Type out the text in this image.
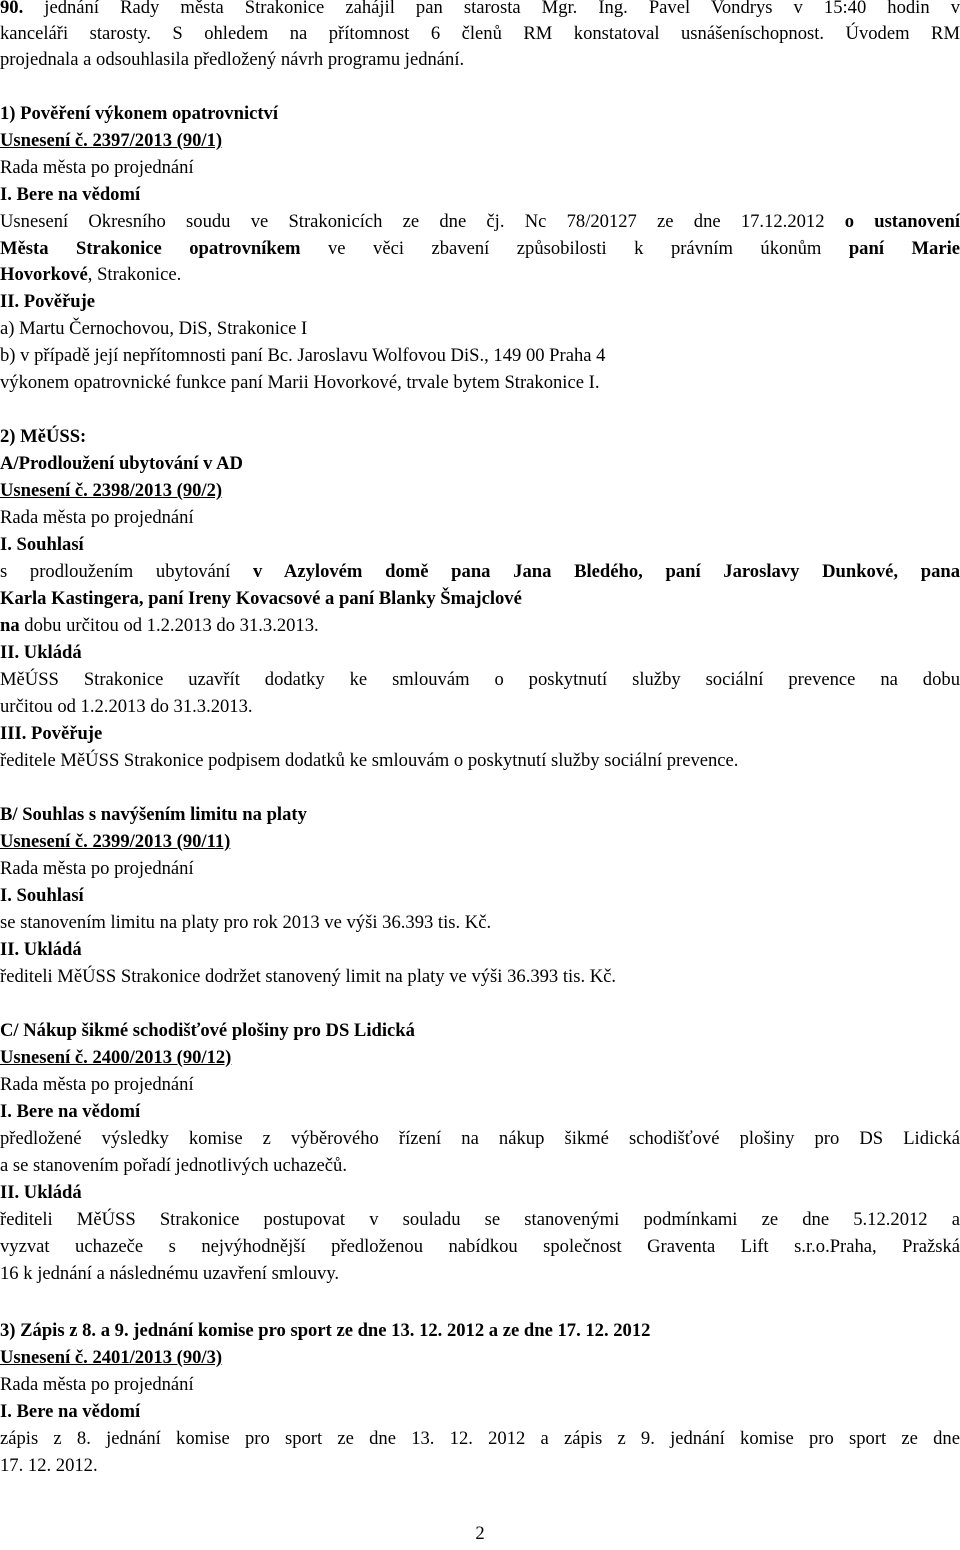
90. jednání Rady města Strakonice zahájil pan starosta Mgr. Ing. Pavel Vondrys v 15:40 hodin v
kanceláři starosty. S ohledem na přítomnost 6 členů RM konstatoval usnášeníschopnost. Úvodem RM
projednala a odsouhlasila předložený návrh programu jednání.
1) Pověření výkonem opatrovnictví
Usnesení č. 2397/2013 (90/1)
Rada města po projednání
I. Bere na vědomí
Usnesení Okresního soudu ve Strakonicích ze dne čj. Nc 78/20127 ze dne 17.12.2012 o ustanovení
Města Strakonice opatrovníkem ve věci zbavení způsobilosti k právním úkonům paní Marie
Hovorkové, Strakonice.
II. Pověřuje
a) Martu Černochovou, DiS, Strakonice I
b) v případě její nepřítomnosti paní Bc. Jaroslavu Wolfovou DiS., 149 00 Praha 4
výkonem opatrovnické funkce paní Marii Hovorkové, trvale bytem Strakonice I.
2) MěÚSS:
A/Prodloužení ubytování v AD
Usnesení č. 2398/2013 (90/2)
Rada města po projednání
I. Souhlasí
s prodloužením ubytování v Azylovém domě pana Jana Bledého, paní Jaroslavy Dunkové, pana
Karla Kastingera, paní Ireny Kovacsové a paní Blanky Šmajclové
na dobu určitou od 1.2.2013 do 31.3.2013.
II. Ukládá
MěÚSS Strakonice uzavřít dodatky ke smlouvám o poskytnutí služby sociální prevence na dobu
určitou od 1.2.2013 do 31.3.2013.
III. Pověřuje
ředitele MěÚSS Strakonice podpisem dodatků ke smlouvám o poskytnutí služby sociální prevence.
B/ Souhlas s navýšením limitu na platy
Usnesení č. 2399/2013 (90/11)
Rada města po projednání
I. Souhlasí
se stanovením limitu na platy pro rok 2013 ve výši 36.393 tis. Kč.
II. Ukládá
řediteli MěÚSS Strakonice dodržet stanovený limit na platy ve výši 36.393 tis. Kč.
C/ Nákup šikmé schodišťové plošiny pro DS Lidická
Usnesení č. 2400/2013 (90/12)
Rada města po projednání
I. Bere na vědomí
předložené výsledky komise z výběrového řízení na nákup šikmé schodišťové plošiny pro DS Lidická
a se stanovením pořadí jednotlivých uchazečů.
II. Ukládá
řediteli MěÚSS Strakonice postupovat v souladu se stanovenými podmínkami ze dne 5.12.2012 a
vyzvat uchazeče s nejvýhodnější předloženou nabídkou společnost Graventa Lift s.r.o.Praha, Pražská
16 k jednání a následnému uzavření smlouvy.
3) Zápis z 8. a 9. jednání komise pro sport ze dne 13. 12. 2012 a ze dne 17. 12. 2012
Usnesení č. 2401/2013 (90/3)
Rada města po projednání
I. Bere na vědomí
zápis z 8. jednání komise pro sport ze dne 13. 12. 2012 a zápis z 9. jednání komise pro sport ze dne
17. 12. 2012.
2
